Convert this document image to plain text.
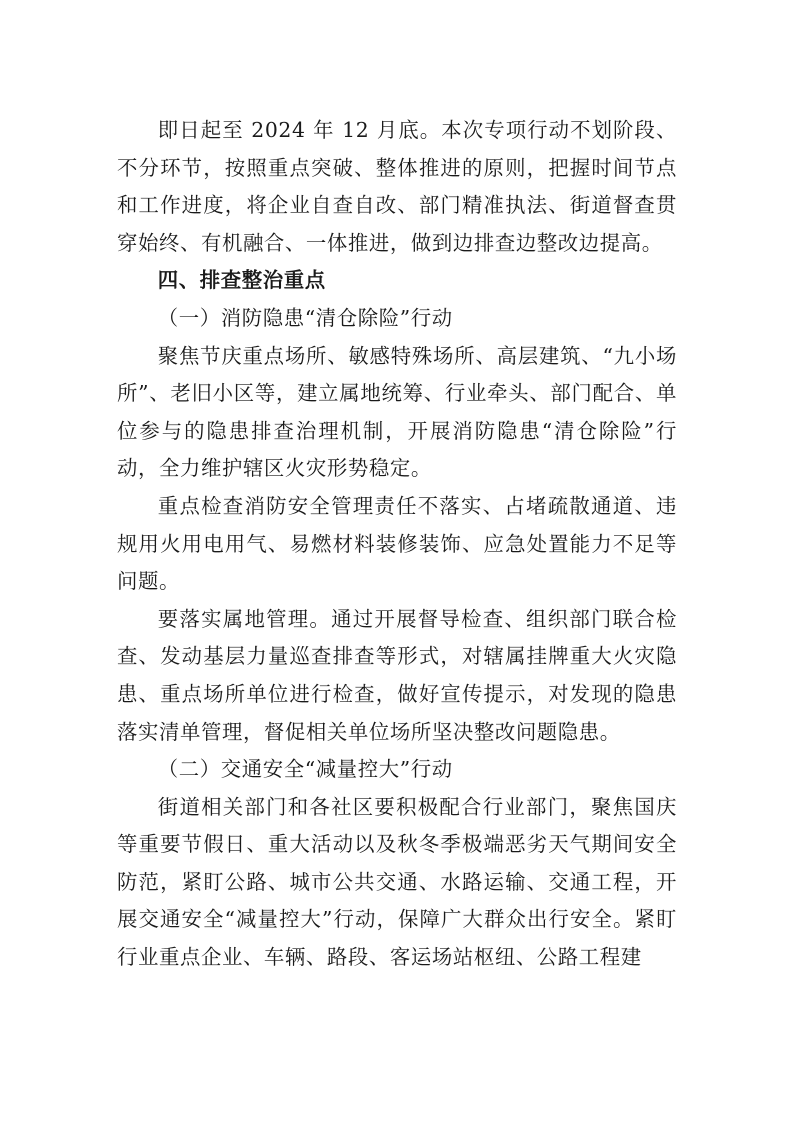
即日起至 2024 年 12 月底。本次专项行动不划阶段、不分环节，按照重点突破、整体推进的原则，把握时间节点和工作进度，将企业自查自改、部门精准执法、街道督查贯穿始终、有机融合、一体推进，做到边排查边整改边提高。

四、排查整治重点

（一）消防隐患“清仓除险”行动

聚焦节庆重点场所、敏感特殊场所、高层建筑、“九小场所”、老旧小区等，建立属地统筹、行业牵头、部门配合、单位参与的隐患排查治理机制，开展消防隐患“清仓除险”行动，全力维护辖区火灾形势稳定。

重点检查消防安全管理责任不落实、占堵疏散通道、违规用火用电用气、易燃材料装修装饰、应急处置能力不足等问题。

要落实属地管理。通过开展督导检查、组织部门联合检查、发动基层力量巡查排查等形式，对辖属挂牌重大火灾隐患、重点场所单位进行检查，做好宣传提示，对发现的隐患落实清单管理，督促相关单位场所坚决整改问题隐患。

（二）交通安全“减量控大”行动

街道相关部门和各社区要积极配合行业部门，聚焦国庆等重要节假日、重大活动以及秋冬季极端恶劣天气期间安全防范，紧盯公路、城市公共交通、水路运输、交通工程，开展交通安全“减量控大”行动，保障广大群众出行安全。紧盯行业重点企业、车辆、路段、客运场站枢纽、公路工程建
